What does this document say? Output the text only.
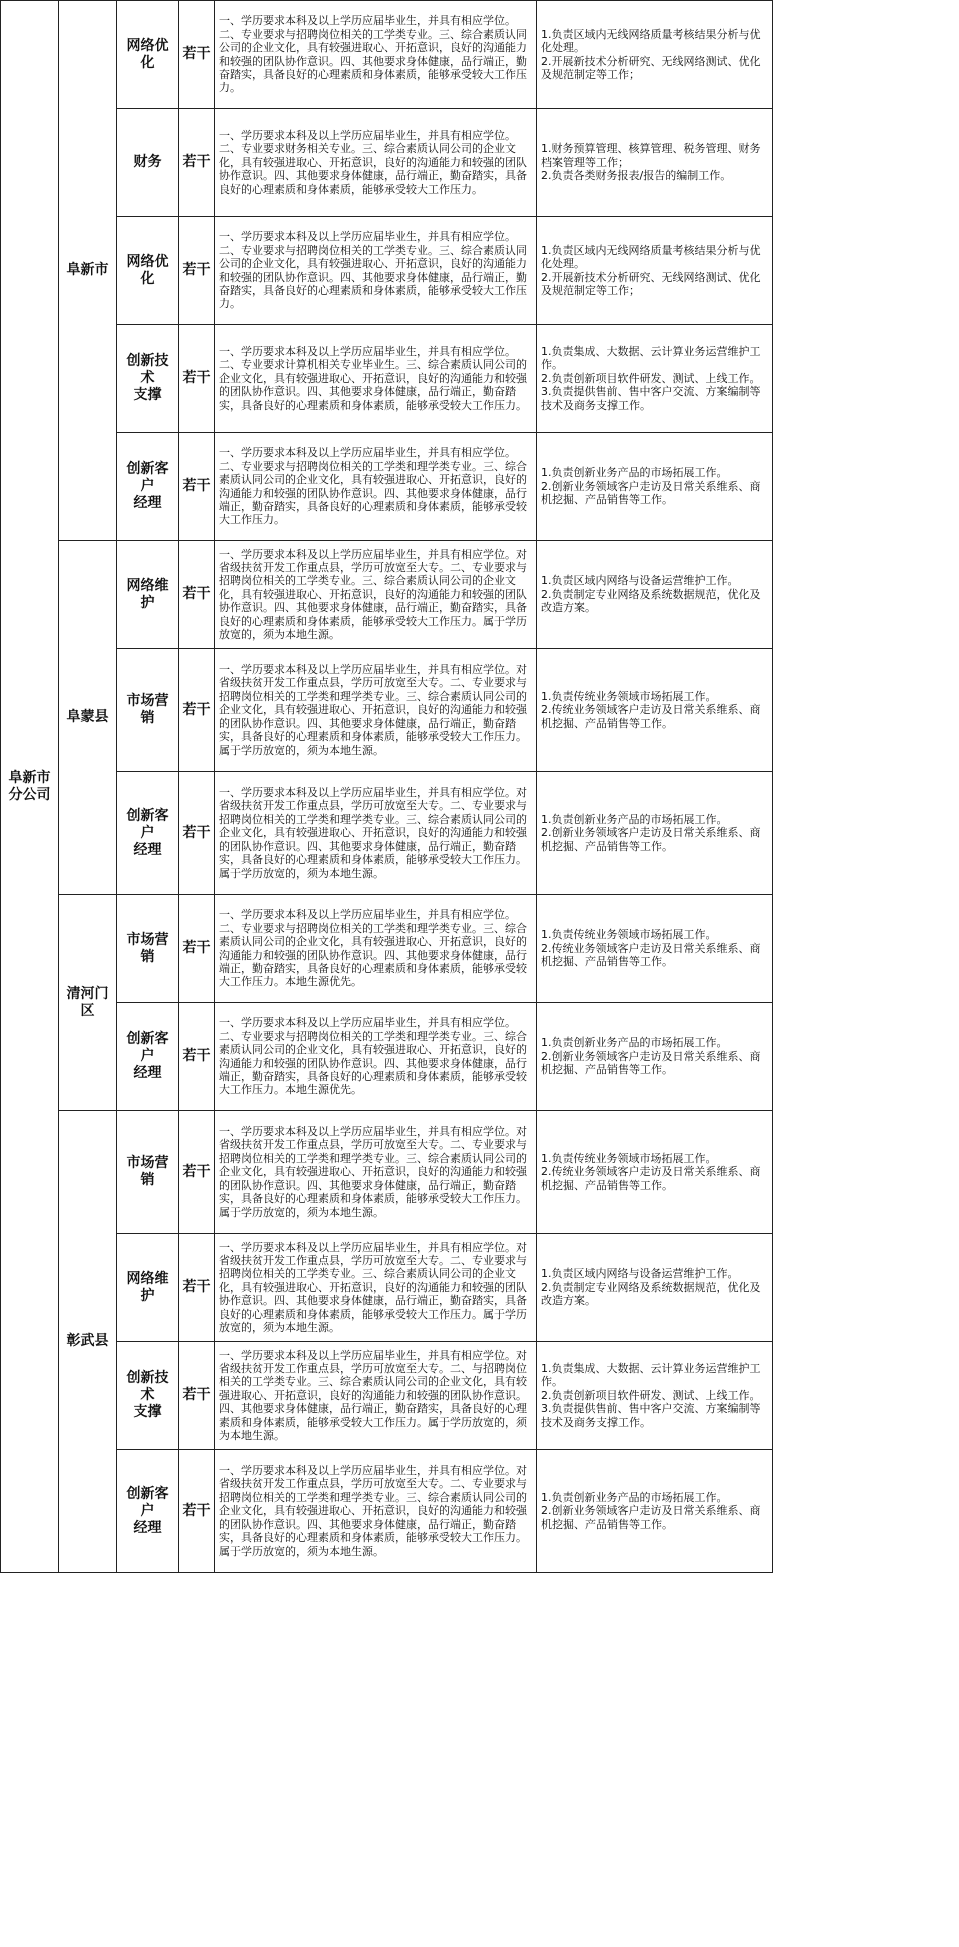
阜新市
分公司	阜新市	网络优化	若干	一、学历要求本科及以上学历应届毕业生，并具有相应学位。二、专业要求与招聘岗位相关的工学类专业。三、综合素质认同公司的企业文化，具有较强进取心、开拓意识，良好的沟通能力和较强的团队协作意识。四、其他要求身体健康，品行端正，勤奋踏实，具备良好的心理素质和身体素质，能够承受较大工作压力。	1.负责区域内无线网络质量考核结果分析与优化处理。
2.开展新技术分析研究、无线网络测试、优化及规范制定等工作；

		财务	若干	一、学历要求本科及以上学历应届毕业生，并具有相应学位。二、专业要求财务相关专业。三、综合素质认同公司的企业文化，具有较强进取心、开拓意识，良好的沟通能力和较强的团队协作意识。四、其他要求身体健康，品行端正，勤奋踏实，具备良好的心理素质和身体素质，能够承受较大工作压力。	1.财务预算管理、核算管理、税务管理、财务档案管理等工作；
2.负责各类财务报表/报告的编制工作。

		网络优化	若干	一、学历要求本科及以上学历应届毕业生，并具有相应学位。二、专业要求与招聘岗位相关的工学类专业。三、综合素质认同公司的企业文化，具有较强进取心、开拓意识，良好的沟通能力和较强的团队协作意识。四、其他要求身体健康，品行端正，勤奋踏实，具备良好的心理素质和身体素质，能够承受较大工作压力。	1.负责区域内无线网络质量考核结果分析与优化处理。
2.开展新技术分析研究、无线网络测试、优化及规范制定等工作；

		创新技术
支撑	若干	一、学历要求本科及以上学历应届毕业生，并具有相应学位。二、专业要求计算机相关专业毕业生。三、综合素质认同公司的企业文化，具有较强进取心、开拓意识，良好的沟通能力和较强的团队协作意识。四、其他要求身体健康，品行端正，勤奋踏实，具备良好的心理素质和身体素质，能够承受较大工作压力。	1.负责集成、大数据、云计算业务运营维护工作。
2.负责创新项目软件研发、测试、上线工作。
3.负责提供售前、售中客户交流、方案编制等技术及商务支撑工作。

		创新客户
经理	若干	一、学历要求本科及以上学历应届毕业生，并具有相应学位。二、专业要求与招聘岗位相关的工学类和理学类专业。三、综合素质认同公司的企业文化，具有较强进取心、开拓意识，良好的沟通能力和较强的团队协作意识。四、其他要求身体健康，品行端正，勤奋踏实，具备良好的心理素质和身体素质，能够承受较大工作压力。	1.负责创新业务产品的市场拓展工作。
2.创新业务领域客户走访及日常关系维系、商机挖掘、产品销售等工作。

	阜蒙县	网络维护	若干	一、学历要求本科及以上学历应届毕业生，并具有相应学位。对省级扶贫开发工作重点县，学历可放宽至大专。二、专业要求与招聘岗位相关的工学类专业。三、综合素质认同公司的企业文化，具有较强进取心、开拓意识，良好的沟通能力和较强的团队协作意识。四、其他要求身体健康，品行端正，勤奋踏实，具备良好的心理素质和身体素质，能够承受较大工作压力。属于学历放宽的，须为本地生源。	1.负责区域内网络与设备运营维护工作。
2.负责制定专业网络及系统数据规范，优化及改造方案。

		市场营销	若干	一、学历要求本科及以上学历应届毕业生，并具有相应学位。对省级扶贫开发工作重点县，学历可放宽至大专。二、专业要求与招聘岗位相关的工学类和理学类专业。三、综合素质认同公司的企业文化，具有较强进取心、开拓意识，良好的沟通能力和较强的团队协作意识。四、其他要求身体健康，品行端正，勤奋踏实，具备良好的心理素质和身体素质，能够承受较大工作压力。属于学历放宽的，须为本地生源。	1.负责传统业务领域市场拓展工作。
2.传统业务领域客户走访及日常关系维系、商机挖掘、产品销售等工作。

		创新客户
经理	若干	一、学历要求本科及以上学历应届毕业生，并具有相应学位。对省级扶贫开发工作重点县，学历可放宽至大专。二、专业要求与招聘岗位相关的工学类和理学类专业。三、综合素质认同公司的企业文化，具有较强进取心、开拓意识，良好的沟通能力和较强的团队协作意识。四、其他要求身体健康，品行端正，勤奋踏实，具备良好的心理素质和身体素质，能够承受较大工作压力。属于学历放宽的，须为本地生源。	1.负责创新业务产品的市场拓展工作。
2.创新业务领域客户走访及日常关系维系、商机挖掘、产品销售等工作。

	清河门
区	市场营销	若干	一、学历要求本科及以上学历应届毕业生，并具有相应学位。二、专业要求与招聘岗位相关的工学类和理学类专业。三、综合素质认同公司的企业文化，具有较强进取心、开拓意识，良好的沟通能力和较强的团队协作意识。四、其他要求身体健康，品行端正，勤奋踏实，具备良好的心理素质和身体素质，能够承受较大工作压力。本地生源优先。	1.负责传统业务领域市场拓展工作。
2.传统业务领域客户走访及日常关系维系、商机挖掘、产品销售等工作。

		创新客户
经理	若干	一、学历要求本科及以上学历应届毕业生，并具有相应学位。二、专业要求与招聘岗位相关的工学类和理学类专业。三、综合素质认同公司的企业文化，具有较强进取心、开拓意识，良好的沟通能力和较强的团队协作意识。四、其他要求身体健康，品行端正，勤奋踏实，具备良好的心理素质和身体素质，能够承受较大工作压力。本地生源优先。	1.负责创新业务产品的市场拓展工作。
2.创新业务领域客户走访及日常关系维系、商机挖掘、产品销售等工作。

	彰武县	市场营销	若干	一、学历要求本科及以上学历应届毕业生，并具有相应学位。对省级扶贫开发工作重点县，学历可放宽至大专。二、专业要求与招聘岗位相关的工学类和理学类专业。三、综合素质认同公司的企业文化，具有较强进取心、开拓意识，良好的沟通能力和较强的团队协作意识。四、其他要求身体健康，品行端正，勤奋踏实，具备良好的心理素质和身体素质，能够承受较大工作压力。属于学历放宽的，须为本地生源。	1.负责传统业务领域市场拓展工作。
2.传统业务领域客户走访及日常关系维系、商机挖掘、产品销售等工作。

		网络维护	若干	一、学历要求本科及以上学历应届毕业生，并具有相应学位。对省级扶贫开发工作重点县，学历可放宽至大专。二、专业要求与招聘岗位相关的工学类专业。三、综合素质认同公司的企业文化，具有较强进取心、开拓意识，良好的沟通能力和较强的团队协作意识。四、其他要求身体健康，品行端正，勤奋踏实，具备良好的心理素质和身体素质，能够承受较大工作压力。属于学历放宽的，须为本地生源。	1.负责区域内网络与设备运营维护工作。
2.负责制定专业网络及系统数据规范，优化及改造方案。

		创新技术
支撑	若干	一、学历要求本科及以上学历应届毕业生，并具有相应学位。对省级扶贫开发工作重点县，学历可放宽至大专。二、与招聘岗位相关的工学类专业。三、综合素质认同公司的企业文化，具有较强进取心、开拓意识，良好的沟通能力和较强的团队协作意识。四、其他要求身体健康，品行端正，勤奋踏实，具备良好的心理素质和身体素质，能够承受较大工作压力。属于学历放宽的，须为本地生源。	1.负责集成、大数据、云计算业务运营维护工作。
2.负责创新项目软件研发、测试、上线工作。
3.负责提供售前、售中客户交流、方案编制等技术及商务支撑工作。

		创新客户
经理	若干	一、学历要求本科及以上学历应届毕业生，并具有相应学位。对省级扶贫开发工作重点县，学历可放宽至大专。二、专业要求与招聘岗位相关的工学类和理学类专业。三、综合素质认同公司的企业文化，具有较强进取心、开拓意识，良好的沟通能力和较强的团队协作意识。四、其他要求身体健康，品行端正，勤奋踏实，具备良好的心理素质和身体素质，能够承受较大工作压力。属于学历放宽的，须为本地生源。	1.负责创新业务产品的市场拓展工作。
2.创新业务领域客户走访及日常关系维系、商机挖掘、产品销售等工作。
